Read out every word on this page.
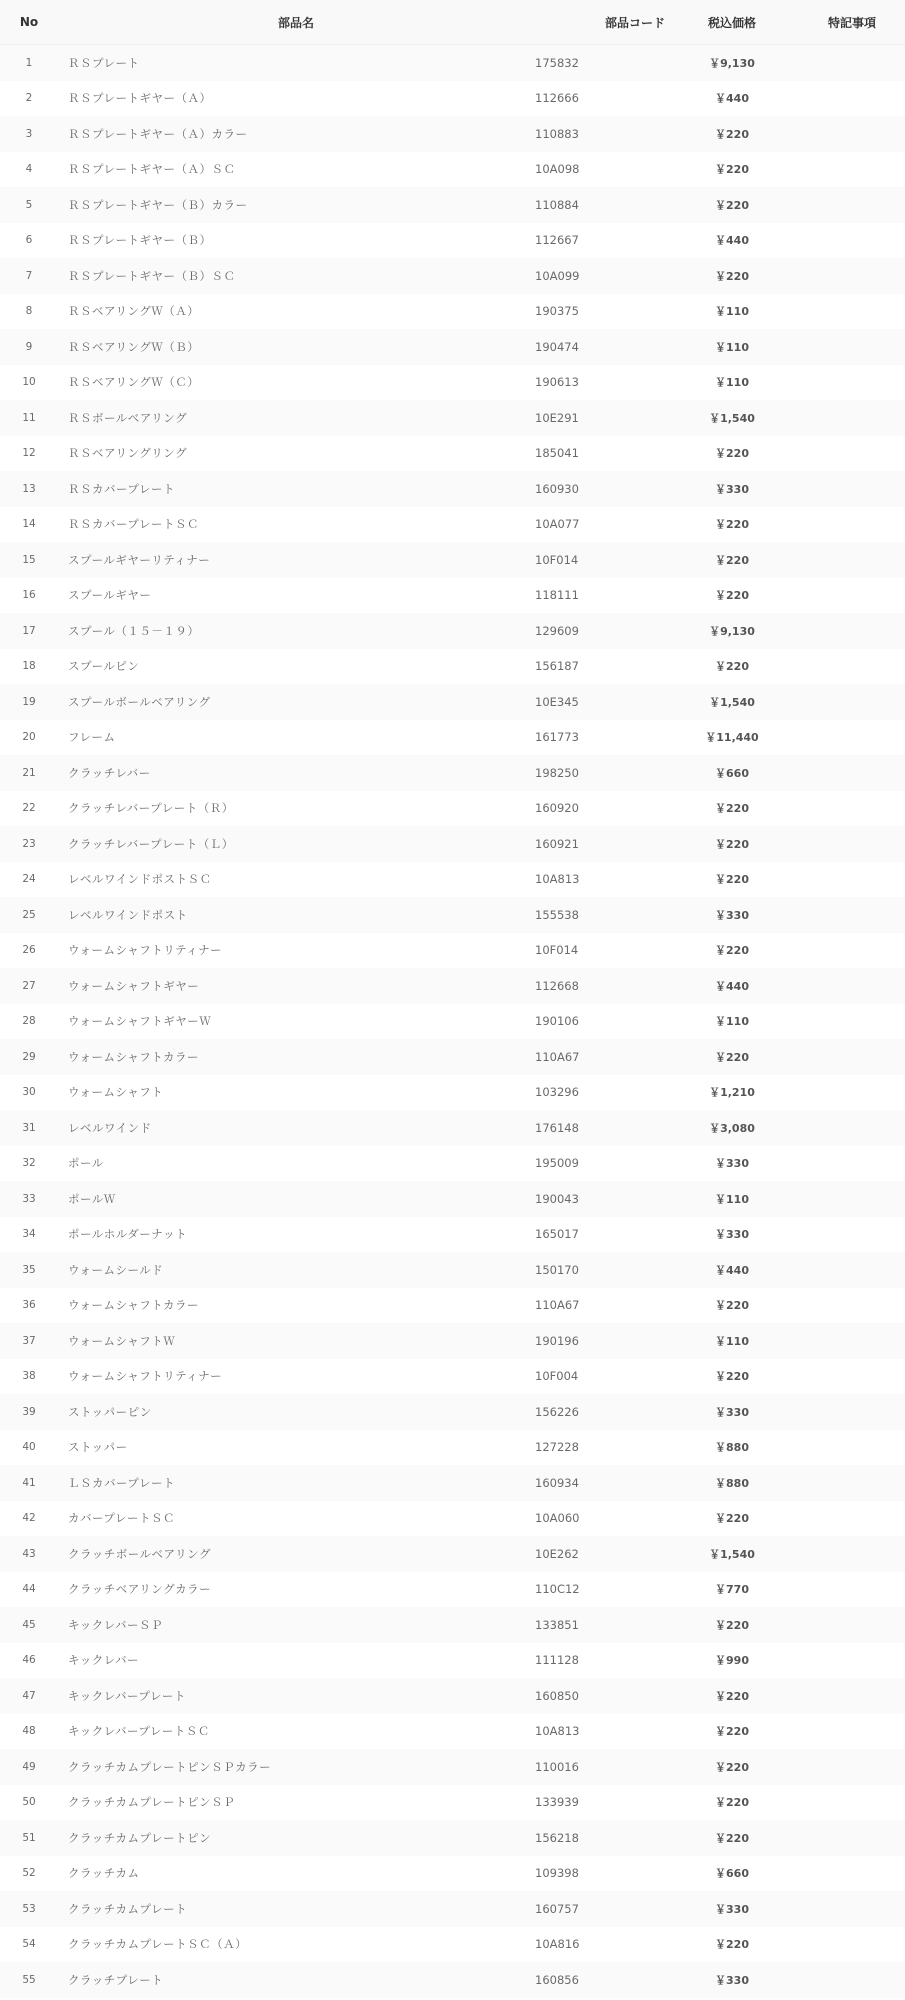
No	部品名	部品コード	税込価格	特記事項
1	ＲＳプレート	175832	￥9,130	
2	ＲＳプレートギヤー（Ａ）	112666	￥440	
3	ＲＳプレートギヤー（Ａ）カラー	110883	￥220	
4	ＲＳプレートギヤー（Ａ）ＳＣ	10A098	￥220	
5	ＲＳプレートギヤー（Ｂ）カラー	110884	￥220	
6	ＲＳプレートギヤー（Ｂ）	112667	￥440	
7	ＲＳプレートギヤー（Ｂ）ＳＣ	10A099	￥220	
8	ＲＳベアリングＷ（Ａ）	190375	￥110	
9	ＲＳベアリングＷ（Ｂ）	190474	￥110	
10	ＲＳベアリングＷ（Ｃ）	190613	￥110	
11	ＲＳボールベアリング	10E291	￥1,540	
12	ＲＳベアリングリング	185041	￥220	
13	ＲＳカバープレート	160930	￥330	
14	ＲＳカバープレートＳＣ	10A077	￥220	
15	スプールギヤーリティナー	10F014	￥220	
16	スプールギヤー	118111	￥220	
17	スプール（１５－１９）	129609	￥9,130	
18	スプールピン	156187	￥220	
19	スプールボールベアリング	10E345	￥1,540	
20	フレーム	161773	￥11,440	
21	クラッチレバー	198250	￥660	
22	クラッチレバープレート（Ｒ）	160920	￥220	
23	クラッチレバープレート（Ｌ）	160921	￥220	
24	レベルワインドポストＳＣ	10A813	￥220	
25	レベルワインドポスト	155538	￥330	
26	ウォームシャフトリティナー	10F014	￥220	
27	ウォームシャフトギヤー	112668	￥440	
28	ウォームシャフトギヤーＷ	190106	￥110	
29	ウォームシャフトカラー	110A67	￥220	
30	ウォームシャフト	103296	￥1,210	
31	レベルワインド	176148	￥3,080	
32	ポール	195009	￥330	
33	ポールＷ	190043	￥110	
34	ポールホルダーナット	165017	￥330	
35	ウォームシールド	150170	￥440	
36	ウォームシャフトカラー	110A67	￥220	
37	ウォームシャフトＷ	190196	￥110	
38	ウォームシャフトリティナー	10F004	￥220	
39	ストッパーピン	156226	￥330	
40	ストッパー	127228	￥880	
41	ＬＳカバープレート	160934	￥880	
42	カバープレートＳＣ	10A060	￥220	
43	クラッチボールベアリング	10E262	￥1,540	
44	クラッチベアリングカラー	110C12	￥770	
45	キックレバーＳＰ	133851	￥220	
46	キックレバー	111128	￥990	
47	キックレバープレート	160850	￥220	
48	キックレバープレートＳＣ	10A813	￥220	
49	クラッチカムプレートピンＳＰカラー	110016	￥220	
50	クラッチカムプレートピンＳＰ	133939	￥220	
51	クラッチカムプレートピン	156218	￥220	
52	クラッチカム	109398	￥660	
53	クラッチカムプレート	160757	￥330	
54	クラッチカムプレートＳＣ（Ａ）	10A816	￥220	
55	クラッチプレート	160856	￥330	
